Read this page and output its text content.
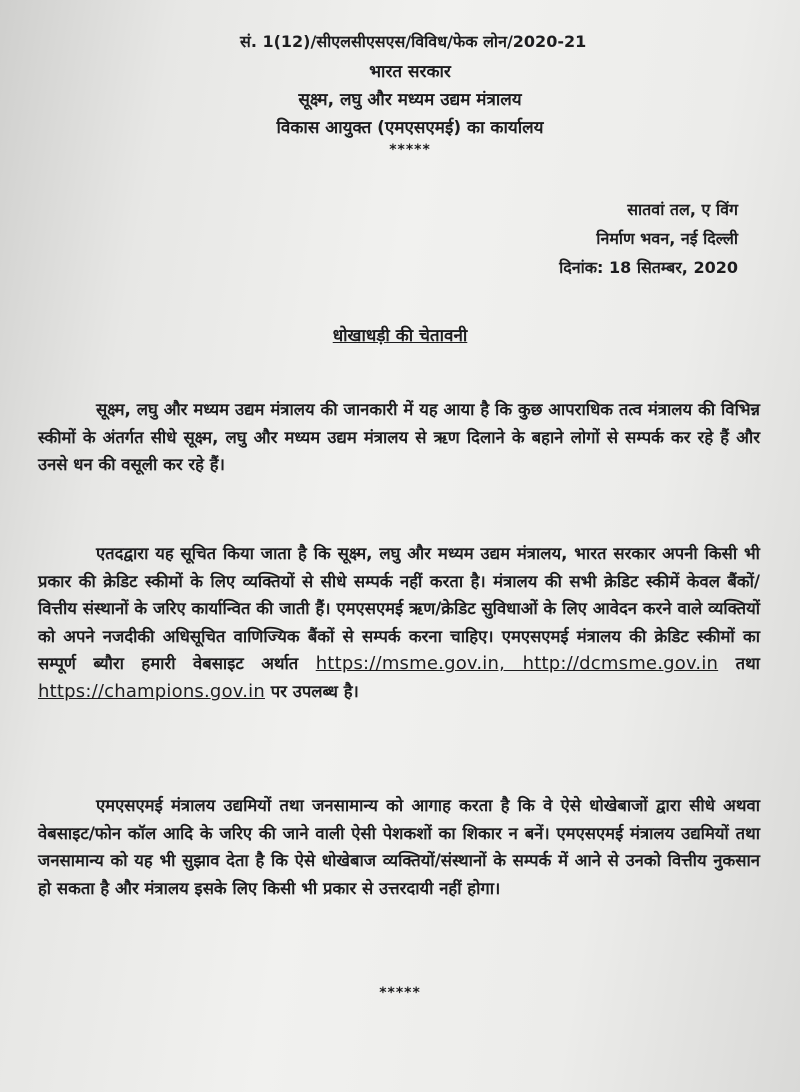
सं. 1(12)/सीएलसीएसएस/विविध/फेक लोन/2020-21
भारत सरकार
सूक्ष्म, लघु और मध्यम उद्यम मंत्रालय
विकास आयुक्त (एमएसएमई) का कार्यालय
*****
सातवां तल, ए विंग
निर्माण भवन, नई दिल्ली
दिनांक: 18 सितम्बर, 2020
धोखाधड़ी की चेतावनी
सूक्ष्म, लघु और मध्यम उद्यम मंत्रालय की जानकारी में यह आया है कि कुछ आपराधिक तत्व मंत्रालय की विभिन्न स्कीमों के अंतर्गत सीधे सूक्ष्म, लघु और मध्यम उद्यम मंत्रालय से ऋण दिलाने के बहाने लोगों से सम्पर्क कर रहे हैं और उनसे धन की वसूली कर रहे हैं।
एतदद्वारा यह सूचित किया जाता है कि सूक्ष्म, लघु और मध्यम उद्यम मंत्रालय, भारत सरकार अपनी किसी भी प्रकार की क्रेडिट स्कीमों के लिए व्यक्तियों से सीधे सम्पर्क नहीं करता है। मंत्रालय की सभी क्रेडिट स्कीमें केवल बैंकों/वित्तीय संस्थानों के जरिए कार्यान्वित की जाती हैं। एमएसएमई ऋण/क्रेडिट सुविधाओं के लिए आवेदन करने वाले व्यक्तियों को अपने नजदीकी अधिसूचित वाणिज्यिक बैंकों से सम्पर्क करना चाहिए। एमएसएमई मंत्रालय की क्रेडिट स्कीमों का सम्पूर्ण ब्यौरा हमारी वेबसाइट अर्थात https://msme.gov.in, http://dcmsme.gov.in तथा https://champions.gov.in पर उपलब्ध है।
एमएसएमई मंत्रालय उद्यमियों तथा जनसामान्य को आगाह करता है कि वे ऐसे धोखेबाजों द्वारा सीधे अथवा वेबसाइट/फोन कॉल आदि के जरिए की जाने वाली ऐसी पेशकशों का शिकार न बनें। एमएसएमई मंत्रालय उद्यमियों तथा जनसामान्य को यह भी सुझाव देता है कि ऐसे धोखेबाज व्यक्तियों/संस्थानों के सम्पर्क में आने से उनको वित्तीय नुकसान हो सकता है और मंत्रालय इसके लिए किसी भी प्रकार से उत्तरदायी नहीं होगा।
*****
